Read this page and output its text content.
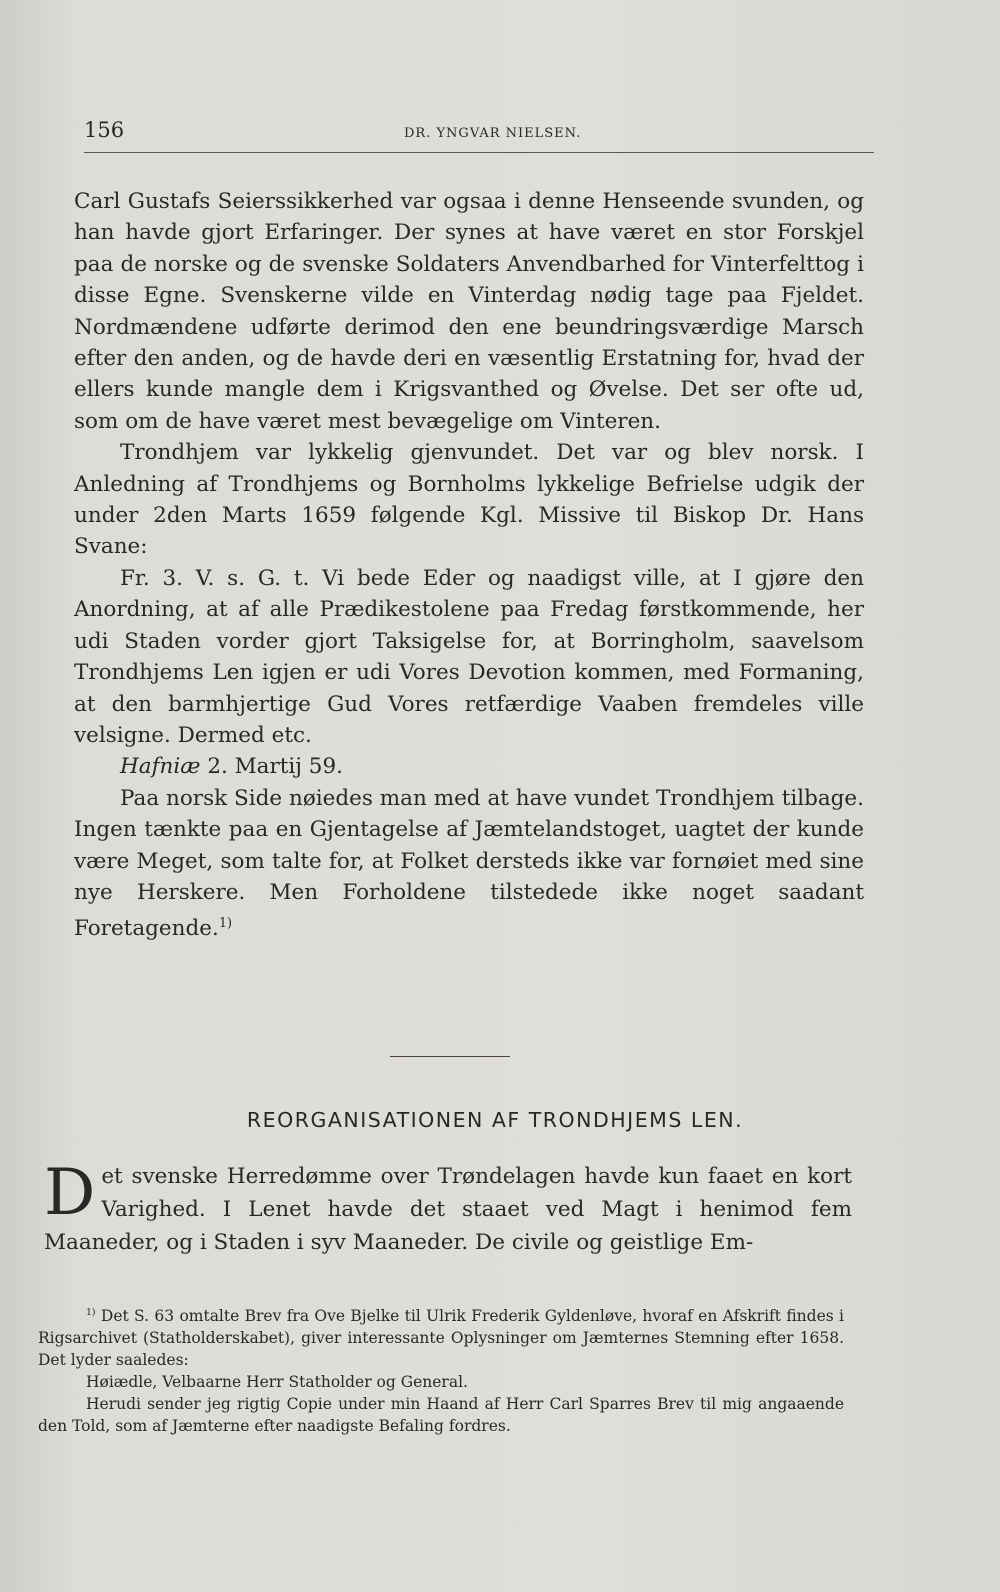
156	DR. YNGVAR NIELSEN.

Carl Gustafs Seierssikkerhed var ogsaa i denne Henseende svunden, og han havde gjort Erfaringer. Der synes at have været en stor Forskjel paa de norske og de svenske Soldaters Anvendbarhed for Vinterfelttog i disse Egne. Svenskerne vilde en Vinterdag nødig tage paa Fjeldet. Nordmændene udførte derimod den ene beundringsværdige Marsch efter den anden, og de havde deri en væsentlig Erstatning for, hvad der ellers kunde mangle dem i Krigsvanthed og Øvelse. Det ser ofte ud, som om de have været mest bevægelige om Vinteren.

Trondhjem var lykkelig gjenvundet. Det var og blev norsk. I Anledning af Trondhjems og Bornholms lykkelige Befrielse udgik der under 2den Marts 1659 følgende Kgl. Missive til Biskop Dr. Hans Svane:

Fr. 3. V. s. G. t. Vi bede Eder og naadigst ville, at I gjøre den Anordning, at af alle Prædikestolene paa Fredag førstkommende, her udi Staden vorder gjort Taksigelse for, at Borringholm, saavelsom Trondhjems Len igjen er udi Vores Devotion kommen, med Formaning, at den barmhjertige Gud Vores retfærdige Vaaben fremdeles ville velsigne. Dermed etc.

Hafniæ 2. Martij 59.

Paa norsk Side nøiedes man med at have vundet Trondhjem tilbage. Ingen tænkte paa en Gjentagelse af Jæmtelandstoget, uagtet der kunde være Meget, som talte for, at Folket dersteds ikke var fornøiet med sine nye Herskere. Men Forholdene tilstedede ikke noget saadant Foretagende.$^{1)}$

REORGANISATIONEN AF TRONDHJEMS LEN.

Det svenske Herredømme over Trøndelagen havde kun faaet en kort Varighed. I Lenet havde det staaet ved Magt i henimod fem Maaneder, og i Staden i syv Maaneder. De civile og geistlige Em-

$^{1)}$ Det S. 63 omtalte Brev fra Ove Bjelke til Ulrik Frederik Gyldenløve, hvoraf en Afskrift findes i Rigsarchivet (Statholderskabet), giver interessante Oplysninger om Jæmternes Stemning efter 1658. Det lyder saaledes:

Høiædle, Velbaarne Herr Statholder og General.

Herudi sender jeg rigtig Copie under min Haand af Herr Carl Sparres Brev til mig angaaende den Told, som af Jæmterne efter naadigste Befaling fordres.
